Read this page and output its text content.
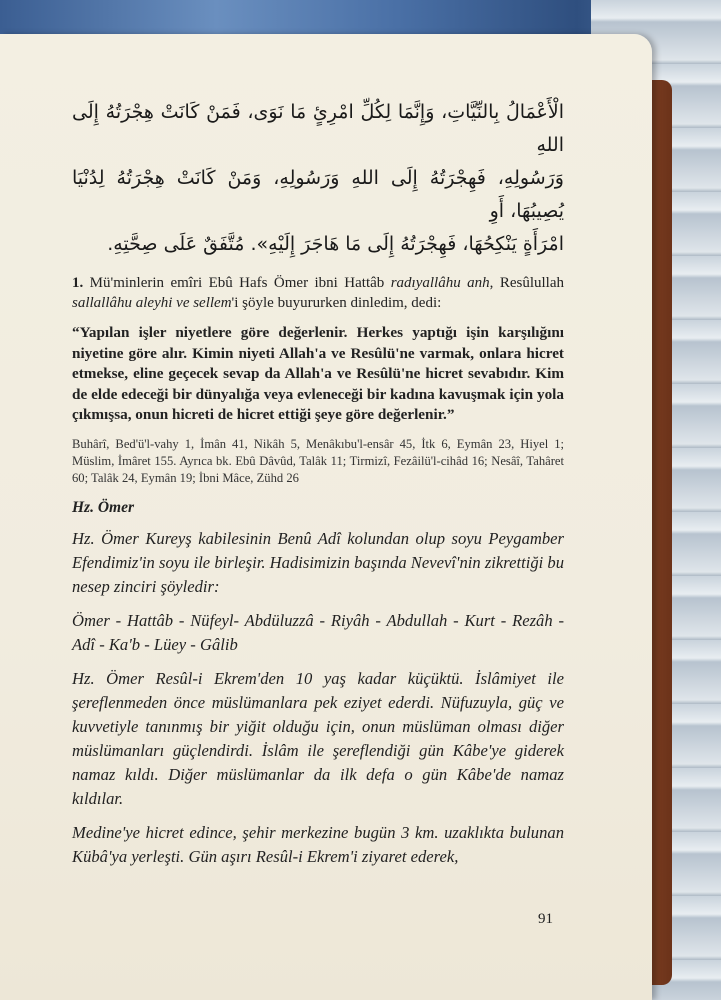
الْأَعْمَالُ بِالنِّيَّاتِ، وَإِنَّمَا لِكُلِّ امْرِئٍ مَا نَوَى، فَمَنْ كَانَتْ هِجْرَتُهُ إِلَى اللهِ
وَرَسُولِهِ، فَهِجْرَتُهُ إِلَى اللهِ وَرَسُولِهِ، وَمَنْ كَانَتْ هِجْرَتُهُ لِدُنْيَا يُصِيبُهَا، أَوِ
امْرَأَةٍ يَنْكِحُهَا، فَهِجْرَتُهُ إِلَى مَا هَاجَرَ إِلَيْهِ». مُتَّفَقٌ عَلَى صِحَّتِهِ.

1. Mü'minlerin emîri Ebû Hafs Ömer ibni Hattâb radıyallâhu anh, Resûlullah sallallâhu aleyhi ve sellem'i şöyle buyururken dinledim, dedi:

“Yapılan işler niyetlere göre değerlenir. Herkes yaptığı işin karşılığını niyetine göre alır. Kimin niyeti Allah'a ve Resûlü'ne varmak, onlara hicret etmekse, eline geçecek sevap da Allah'a ve Resûlü'ne hicret sevabıdır. Kim de elde edeceği bir dünyalığa veya evleneceği bir kadına kavuşmak için yola çıkmışsa, onun hicreti de hicret ettiği şeye göre değerlenir.”

Buhârî, Bed'ü'l-vahy 1, İmân 41, Nikâh 5, Menâkıbu'l-ensâr 45, İtk 6, Eymân 23, Hiyel 1; Müslim, İmâret 155. Ayrıca bk. Ebû Dâvûd, Talâk 11; Tirmizî, Fezâilü'l-cihâd 16; Nesâî, Tahâret 60; Talâk 24, Eymân 19; İbni Mâce, Zühd 26

Hz. Ömer

Hz. Ömer Kureyş kabilesinin Benû Adî kolundan olup soyu Peygamber Efendimiz'in soyu ile birleşir. Hadisimizin başında Nevevî'nin zikrettiği bu nesep zinciri şöyledir:

Ömer - Hattâb - Nüfeyl- Abdüluzzâ - Riyâh - Abdullah - Kurt - Rezâh - Adî - Ka'b - Lüey - Gâlib

Hz. Ömer Resûl-i Ekrem'den 10 yaş kadar küçüktü. İslâmiyet ile şereflenmeden önce müslümanlara pek eziyet ederdi. Nüfuzuyla, güç ve kuvvetiyle tanınmış bir yiğit olduğu için, onun müslüman olması diğer müslümanları güçlendirdi. İslâm ile şereflendiği gün Kâbe'ye giderek namaz kıldı. Diğer müslümanlar da ilk defa o gün Kâbe'de namaz kıldılar.

Medine'ye hicret edince, şehir merkezine bugün 3 km. uzaklıkta bulunan Kübâ'ya yerleşti. Gün aşırı Resûl-i Ekrem'i ziyaret ederek,

91
